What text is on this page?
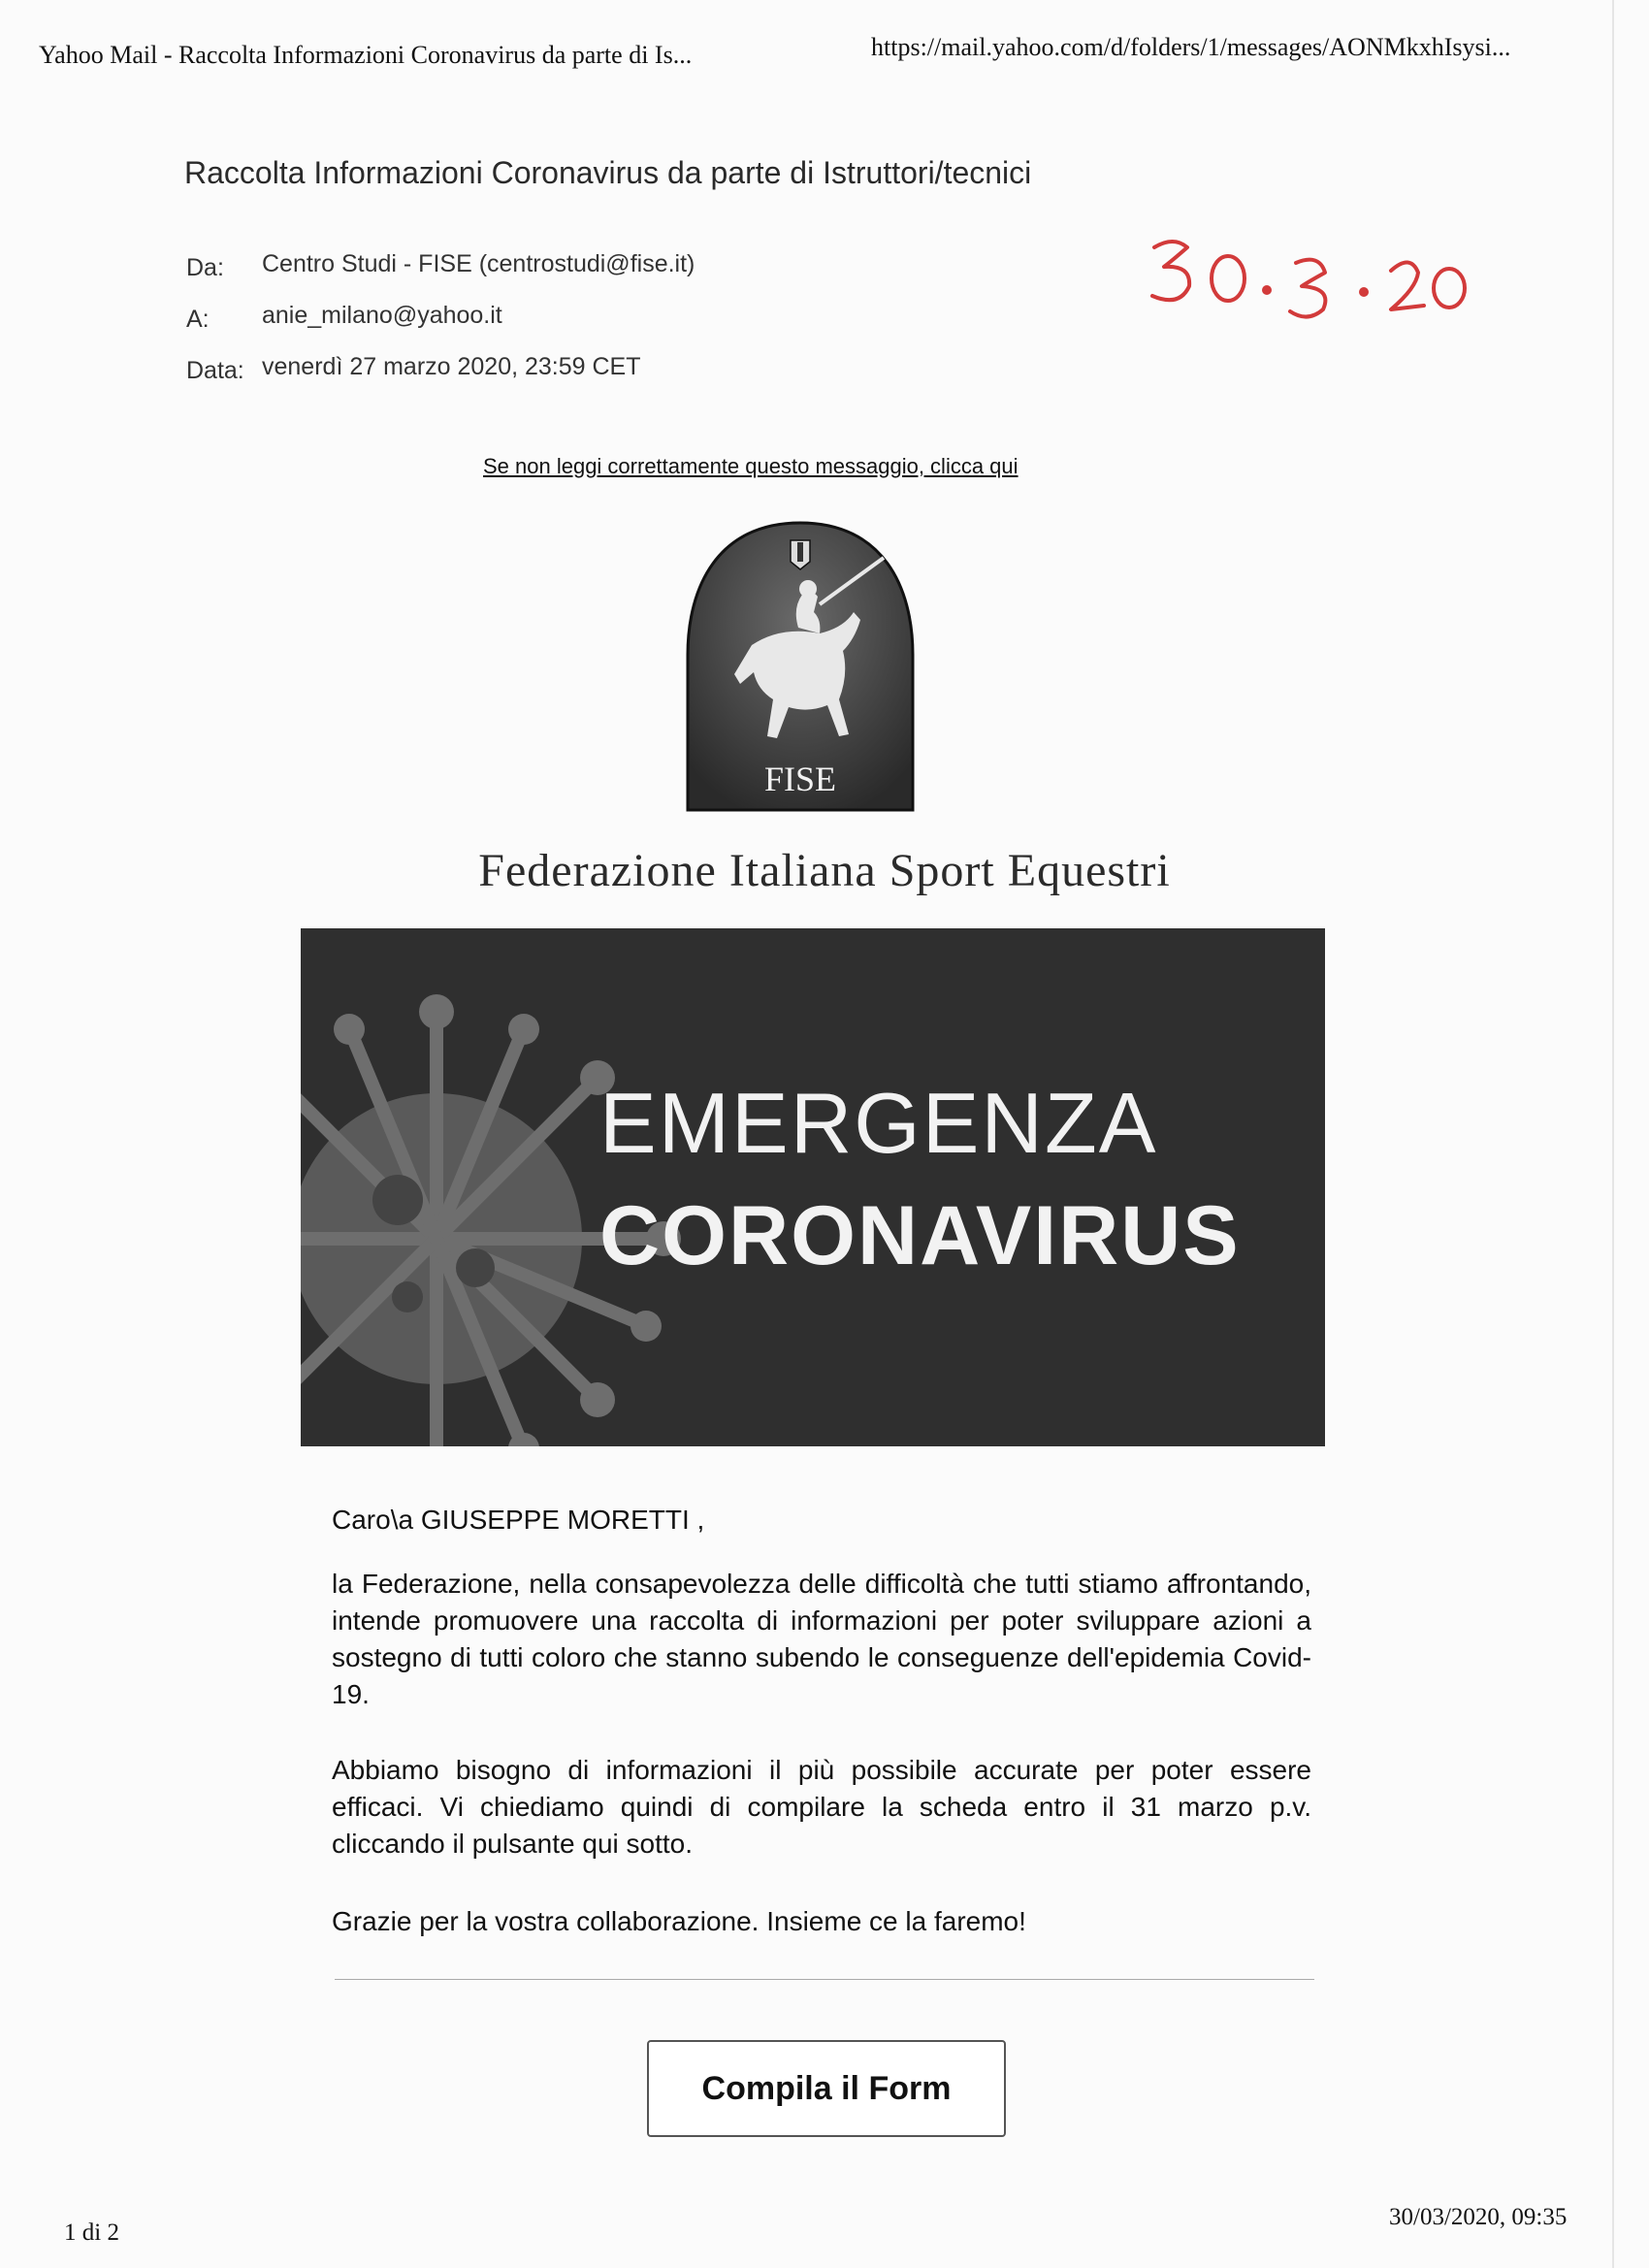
Yahoo Mail - Raccolta Informazioni Coronavirus da parte di Is...	https://mail.yahoo.com/d/folders/1/messages/AONMkxhIsysi...
Raccolta Informazioni Coronavirus da parte di Istruttori/tecnici
Da: Centro Studi - FISE (centrostudi@fise.it)
A: anie_milano@yahoo.it
Data: venerdì 27 marzo 2020, 23:59 CET
Se non leggi correttamente questo messaggio, clicca qui
FISE
Federazione Italiana Sport Equestri
EMERGENZA
CORONAVIRUS
Caro\a GIUSEPPE MORETTI ,
la Federazione, nella consapevolezza delle difficoltà che tutti stiamo affrontando, intende promuovere una raccolta di informazioni per poter sviluppare azioni a sostegno di tutti coloro che stanno subendo le conseguenze dell'epidemia Covid-19.
Abbiamo bisogno di informazioni il più possibile accurate per poter essere efficaci. Vi chiediamo quindi di compilare la scheda entro il 31 marzo p.v. cliccando il pulsante qui sotto.
Grazie per la vostra collaborazione. Insieme ce la faremo!
Compila il Form
1 di 2
30/03/2020, 09:35
